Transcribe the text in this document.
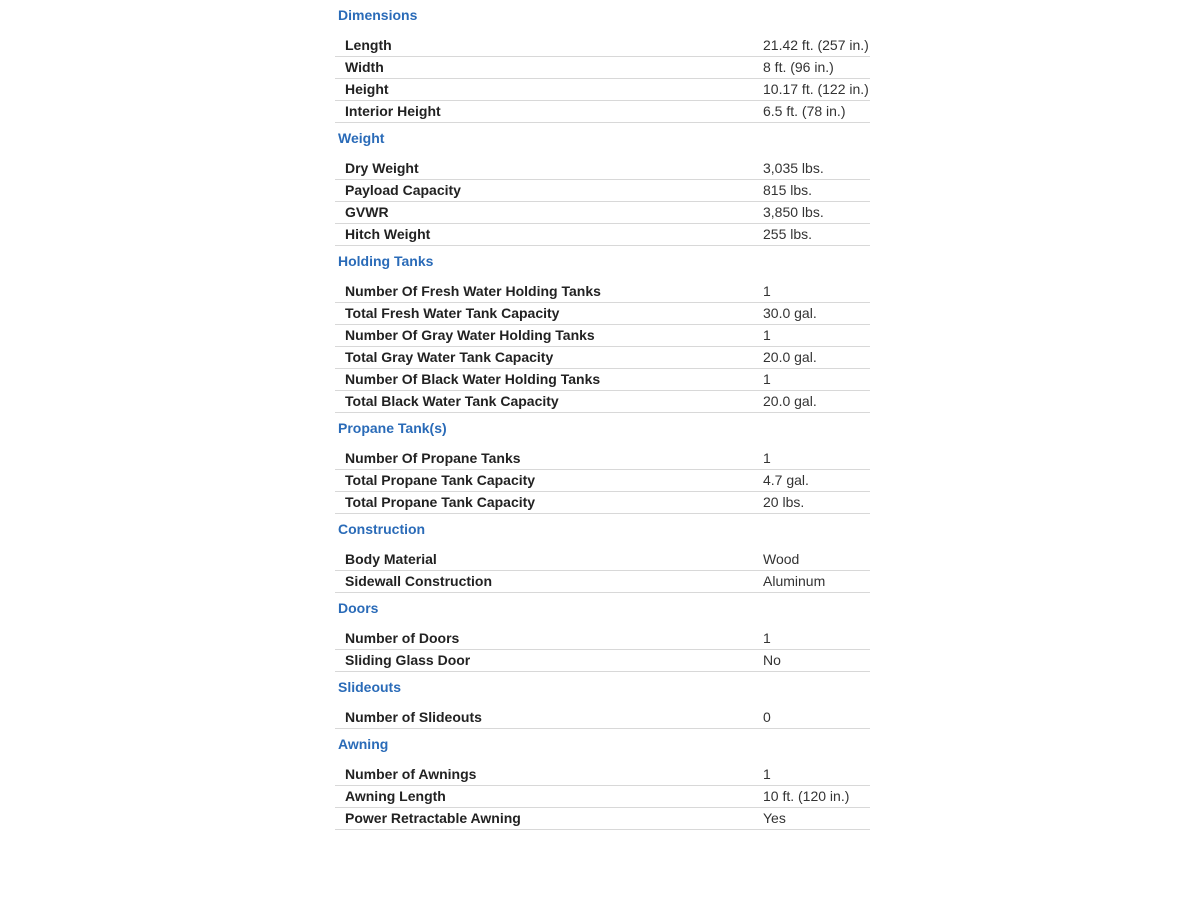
Dimensions
Length	21.42 ft. (257 in.)
Width	8 ft. (96 in.)
Height	10.17 ft. (122 in.)
Interior Height	6.5 ft. (78 in.)
Weight
Dry Weight	3,035 lbs.
Payload Capacity	815 lbs.
GVWR	3,850 lbs.
Hitch Weight	255 lbs.
Holding Tanks
Number Of Fresh Water Holding Tanks	1
Total Fresh Water Tank Capacity	30.0 gal.
Number Of Gray Water Holding Tanks	1
Total Gray Water Tank Capacity	20.0 gal.
Number Of Black Water Holding Tanks	1
Total Black Water Tank Capacity	20.0 gal.
Propane Tank(s)
Number Of Propane Tanks	1
Total Propane Tank Capacity	4.7 gal.
Total Propane Tank Capacity	20 lbs.
Construction
Body Material	Wood
Sidewall Construction	Aluminum
Doors
Number of Doors	1
Sliding Glass Door	No
Slideouts
Number of Slideouts	0
Awning
Number of Awnings	1
Awning Length	10 ft. (120 in.)
Power Retractable Awning	Yes
